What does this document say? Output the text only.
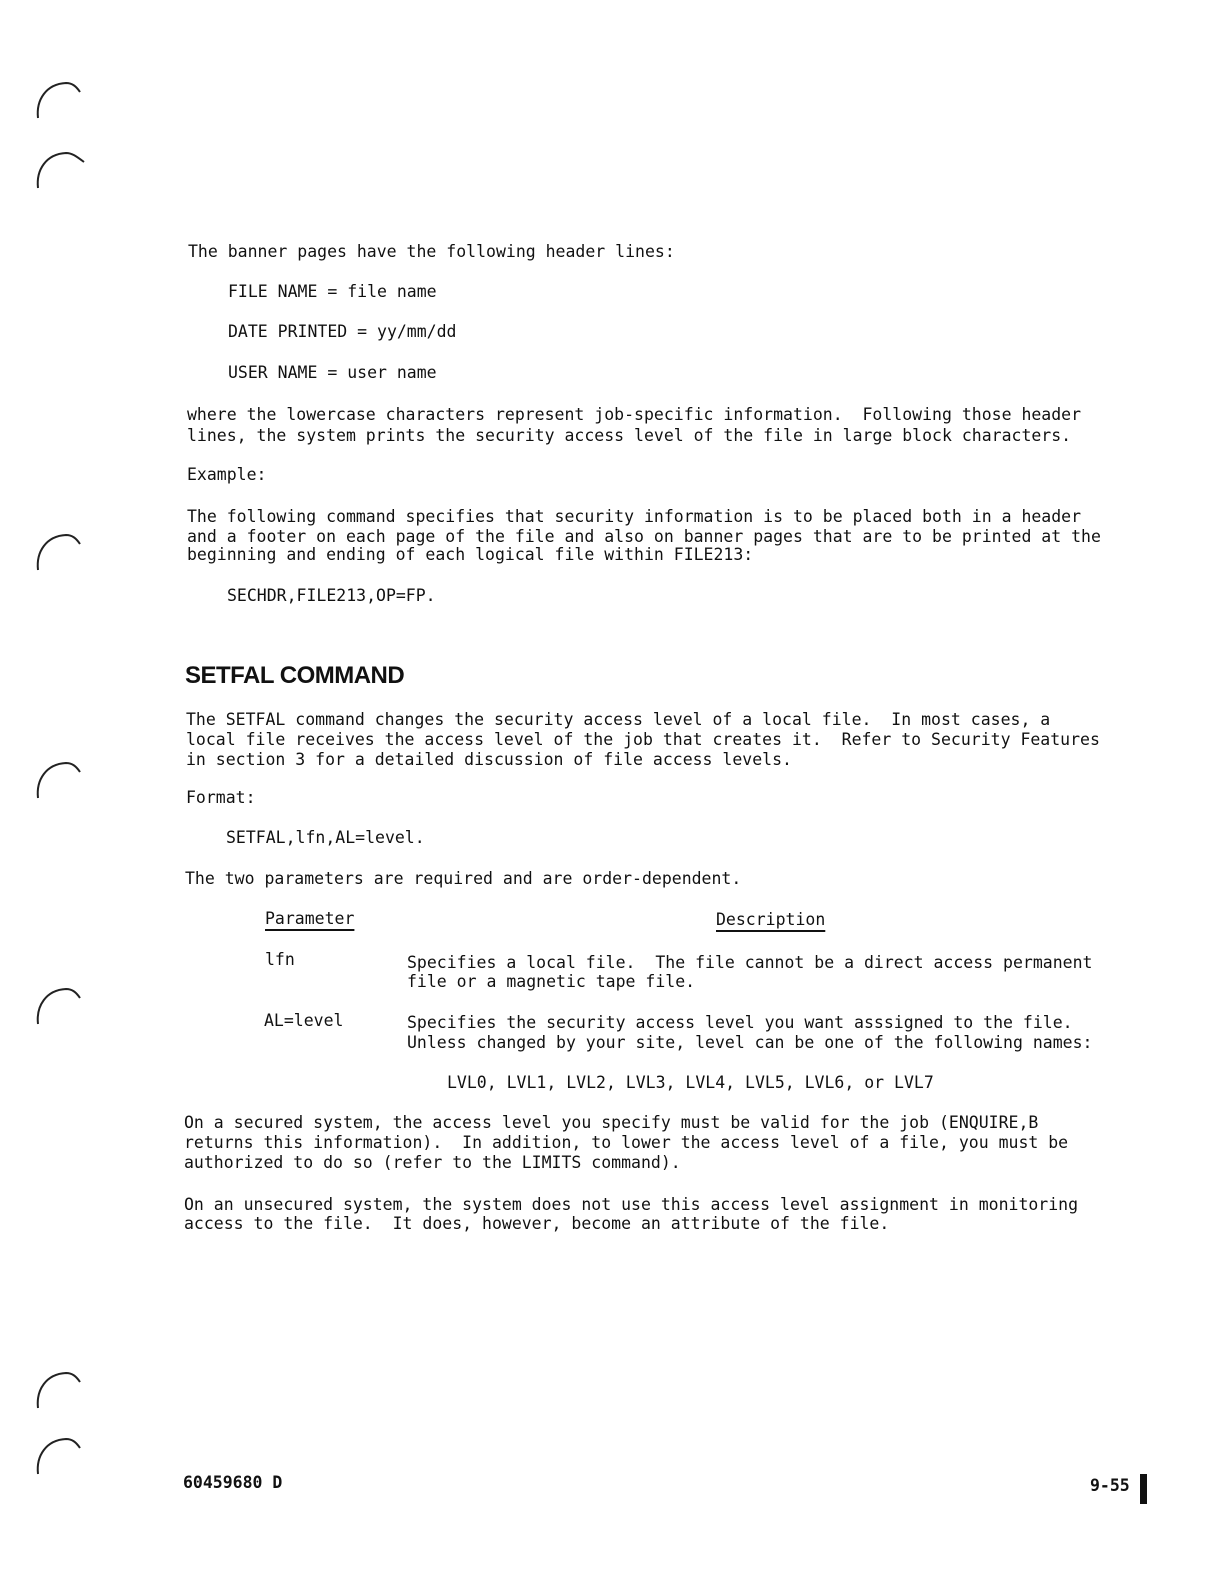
The banner pages have the following header lines:

FILE NAME = file name

DATE PRINTED = yy/mm/dd

USER NAME = user name

where the lowercase characters represent job-specific information.  Following those header

lines, the system prints the security access level of the file in large block characters.

Example:

The following command specifies that security information is to be placed both in a header

and a footer on each page of the file and also on banner pages that are to be printed at the

beginning and ending of each logical file within FILE213:

SECHDR,FILE213,OP=FP.

SETFAL COMMAND

The SETFAL command changes the security access level of a local file.  In most cases, a

local file receives the access level of the job that creates it.  Refer to Security Features

in section 3 for a detailed discussion of file access levels.

Format:

SETFAL,lfn,AL=level.

The two parameters are required and are order-dependent.

Parameter	Description

lfn	Specifies a local file.  The file cannot be a direct access permanent

file or a magnetic tape file.

AL=level	Specifies the security access level you want asssigned to the file.

Unless changed by your site, level can be one of the following names:

LVL0, LVL1, LVL2, LVL3, LVL4, LVL5, LVL6, or LVL7

On a secured system, the access level you specify must be valid for the job (ENQUIRE,B

returns this information).  In addition, to lower the access level of a file, you must be

authorized to do so (refer to the LIMITS command).

On an unsecured system, the system does not use this access level assignment in monitoring

access to the file.  It does, however, become an attribute of the file.

60459680 D	9-55
